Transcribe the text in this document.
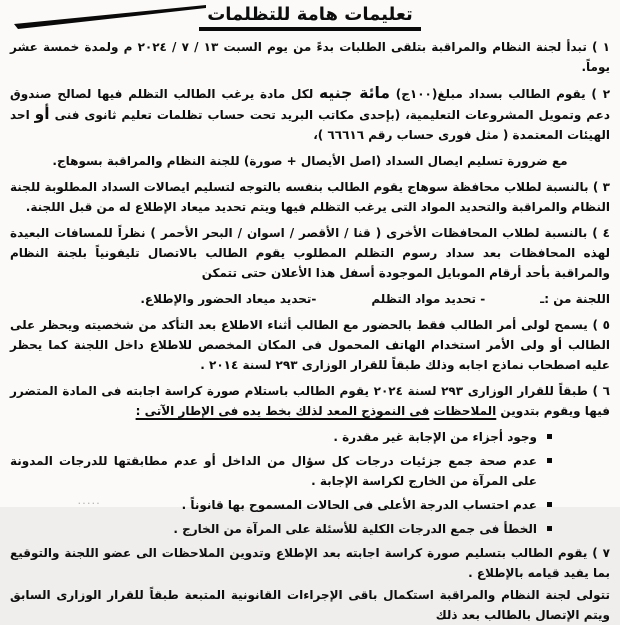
تعليمات هامة للتظلمات

١ ) تبدأ لجنة النظام والمراقبة بتلقى الطلبات بدءً من يوم السبت ١٣ / ٧ / ٢٠٢٤ م ولمدة خمسة عشر يوماً.

٢ ) يقوم الطالب بسداد مبلغ(١٠٠ج) مائة جنيه لكل مادة يرغب الطالب التظلم فيها لصالح صندوق دعم وتمويل المشروعات التعليمية، (بإحدى مكاتب البريد تحت حساب تظلمات تعليم ثانوى فنى أو احد الهيئات المعتمدة ( مثل فورى حساب رقم ٦٦٦١٦ )،

مع ضرورة تسليم ايصال السداد (اصل الأيصال + صورة) للجنة النظام والمراقبة بسوهاج.

٣ ) بالنسبة لطلاب محافظة سوهاج يقوم الطالب بنفسه بالتوجه لتسليم ايصالات السداد المطلوبة للجنة النظام والمراقبة والتحديد المواد التى يرغب التظلم فيها ويتم تحديد ميعاد الإطلاع له من قبل اللجنة.

٤ ) بالنسبة لطلاب المحافظات الأخرى ( قنا / الأقصر / اسوان / البحر الأحمر ) نظراً للمسافات البعيدة لهذه المحافظات بعد سداد رسوم التظلم المطلوب يقوم الطالب بالاتصال تليفونياً بلجنة النظام والمراقبة بأحد أرقام الموبايل الموجودة أسفل هذا الأعلان حتى تتمكن

اللجنة من :ـ
- تحديد مواد التظلم
-تحديد ميعاد الحضور والإطلاع.

٥ ) يسمح لولى أمر الطالب فقط بالحضور مع الطالب أثناء الاطلاع بعد التأكد من شخصيته ويحظر على الطالب أو ولى الأمر استخدام الهاتف المحمول فى المكان المخصص للاطلاع داخل اللجنة كما يحظر عليه اصطحاب نماذج اجابه وذلك طبقاً للقرار الوزارى ٢٩٣ لسنة ٢٠١٤ .

٦ ) طبقاً للقرار الوزارى ٢٩٣ لسنة ٢٠٢٤ يقوم الطالب باستلام صورة كراسة اجابته فى المادة المتضرر فيها ويقوم بتدوين الملاحظات فى النموذج المعد لذلك بخط يده فى الإطار الآتى :

وجود أجزاء من الإجابة غير مقدرة .
عدم صحة جمع جزئيات درجات كل سؤال من الداخل أو عدم مطابقتها للدرجات المدونة على المرآة من الخارج لكراسة الإجابة .
عدم احتساب الدرجة الأعلى فى الحالات المسموح بها قانوناً .
الخطأ فى جمع الدرجات الكلية للأسئلة على المرآة من الخارج .

٧ ) يقوم الطالب بتسليم صورة كراسة اجابته بعد الإطلاع وتدوين الملاحظات الى عضو اللجنة والتوقيع بما يفيد قيامه بالإطلاع .

تتولى لجنة النظام والمراقبة استكمال باقى الإجراءات القانونية المتبعة طبقاً للقرار الوزارى السابق ويتم الإتصال بالطالب بعد ذلك

.....
